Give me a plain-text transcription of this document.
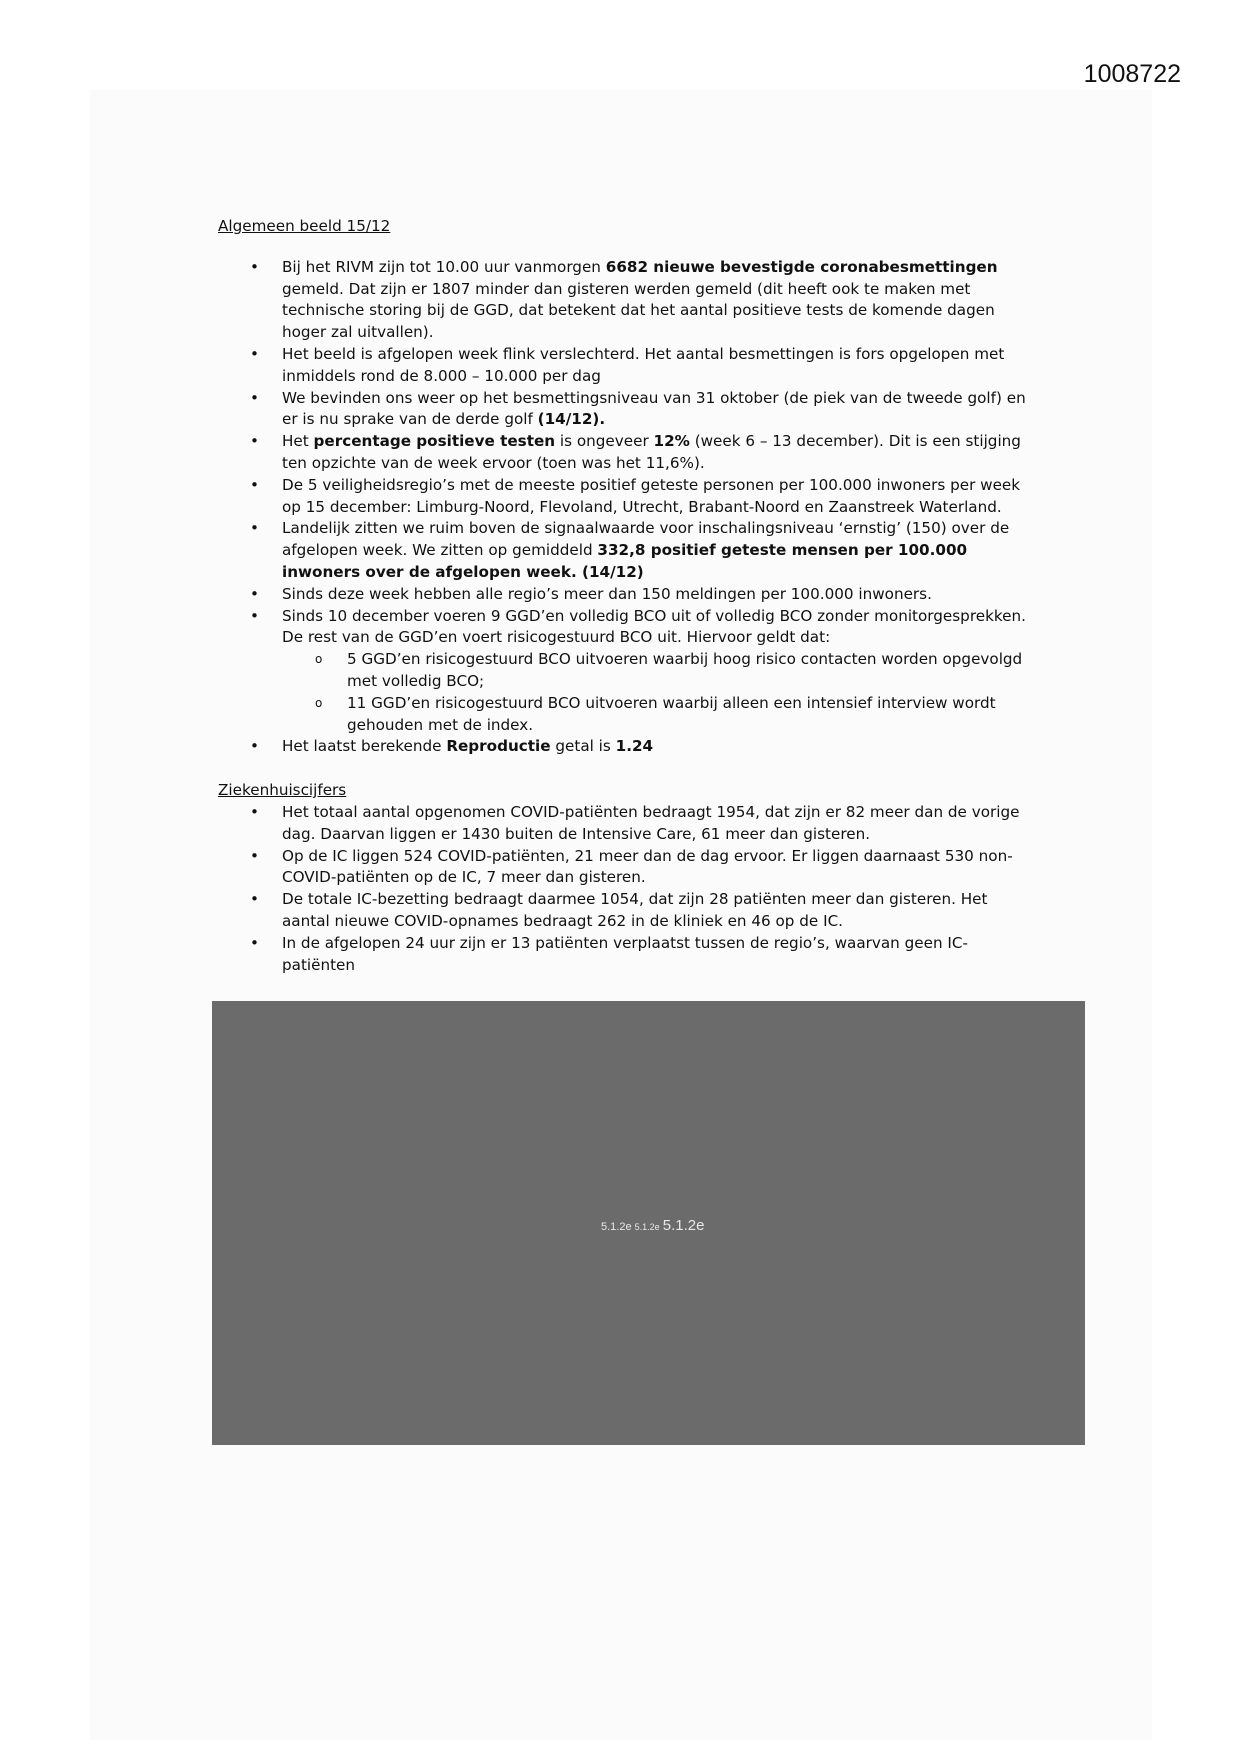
1008722
Algemeen beeld 15/12
• Bij het RIVM zijn tot 10.00 uur vanmorgen 6682 nieuwe bevestigde coronabesmettingen gemeld. Dat zijn er 1807 minder dan gisteren werden gemeld (dit heeft ook te maken met technische storing bij de GGD, dat betekent dat het aantal positieve tests de komende dagen hoger zal uitvallen).
• Het beeld is afgelopen week flink verslechterd. Het aantal besmettingen is fors opgelopen met inmiddels rond de 8.000 – 10.000 per dag
• We bevinden ons weer op het besmettingsniveau van 31 oktober (de piek van de tweede golf) en er is nu sprake van de derde golf (14/12).
• Het percentage positieve testen is ongeveer 12% (week 6 – 13 december). Dit is een stijging ten opzichte van de week ervoor (toen was het 11,6%).
• De 5 veiligheidsregio’s met de meeste positief geteste personen per 100.000 inwoners per week op 15 december: Limburg-Noord, Flevoland, Utrecht, Brabant-Noord en Zaanstreek Waterland.
• Landelijk zitten we ruim boven de signaalwaarde voor inschalingsniveau ‘ernstig’ (150) over de afgelopen week. We zitten op gemiddeld 332,8 positief geteste mensen per 100.000 inwoners over de afgelopen week. (14/12)
• Sinds deze week hebben alle regio’s meer dan 150 meldingen per 100.000 inwoners.
• Sinds 10 december voeren 9 GGD’en volledig BCO uit of volledig BCO zonder monitorgesprekken. De rest van de GGD’en voert risicogestuurd BCO uit. Hiervoor geldt dat:
o 5 GGD’en risicogestuurd BCO uitvoeren waarbij hoog risico contacten worden opgevolgd met volledig BCO;
o 11 GGD’en risicogestuurd BCO uitvoeren waarbij alleen een intensief interview wordt gehouden met de index.
• Het laatst berekende Reproductie getal is 1.24
Ziekenhuiscijfers
• Het totaal aantal opgenomen COVID-patiënten bedraagt 1954, dat zijn er 82 meer dan de vorige dag. Daarvan liggen er 1430 buiten de Intensive Care, 61 meer dan gisteren.
• Op de IC liggen 524 COVID-patiënten, 21 meer dan de dag ervoor. Er liggen daarnaast 530 non-COVID-patiënten op de IC, 7 meer dan gisteren.
• De totale IC-bezetting bedraagt daarmee 1054, dat zijn 28 patiënten meer dan gisteren. Het aantal nieuwe COVID-opnames bedraagt 262 in de kliniek en 46 op de IC.
• In de afgelopen 24 uur zijn er 13 patiënten verplaatst tussen de regio’s, waarvan geen IC-patiënten
5.1.2e 5.1.2e 5.1.2e
